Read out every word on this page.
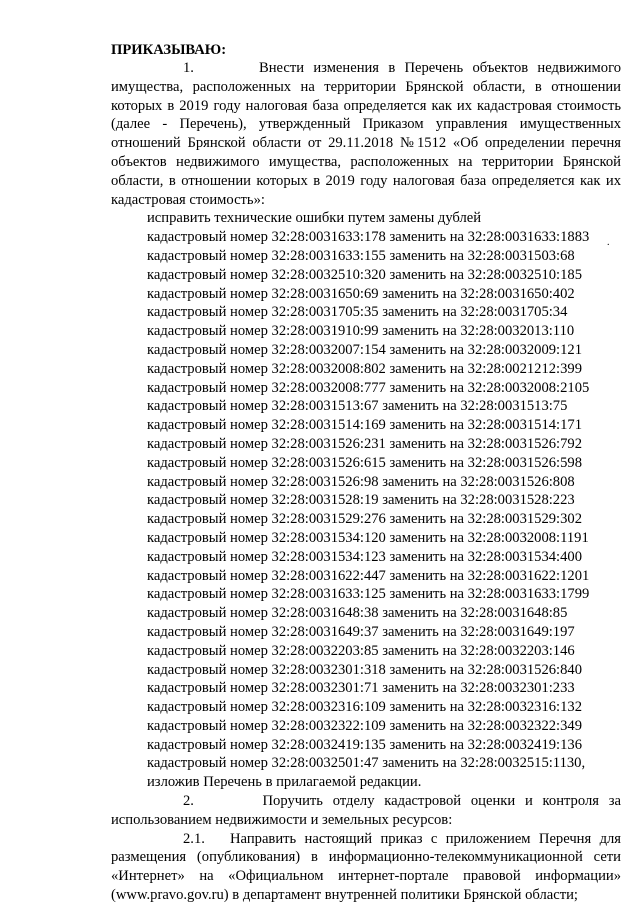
ПРИКАЗЫВАЮ:

1.	Внести изменения в Перечень объектов недвижимого имущества, расположенных на территории Брянской области, в отношении которых в 2019 году налоговая база определяется как их кадастровая стоимость (далее - Перечень), утвержденный Приказом управления имущественных отношений Брянской области от 29.11.2018 №1512 «Об определении перечня объектов недвижимого имущества, расположенных на территории Брянской области, в отношении которых в 2019 году налоговая база определяется как их кадастровая стоимость»:

исправить технические ошибки путем замены дублей

кадастровый номер 32:28:0031633:178 заменить на 32:28:0031633:1883
кадастровый номер 32:28:0031633:155 заменить на 32:28:0031503:68
кадастровый номер 32:28:0032510:320 заменить на 32:28:0032510:185
кадастровый номер 32:28:0031650:69 заменить на 32:28:0031650:402
кадастровый номер 32:28:0031705:35 заменить на 32:28:0031705:34
кадастровый номер 32:28:0031910:99 заменить на 32:28:0032013:110
кадастровый номер 32:28:0032007:154 заменить на 32:28:0032009:121
кадастровый номер 32:28:0032008:802 заменить на 32:28:0021212:399
кадастровый номер 32:28:0032008:777 заменить на 32:28:0032008:2105
кадастровый номер 32:28:0031513:67 заменить на 32:28:0031513:75
кадастровый номер 32:28:0031514:169 заменить на 32:28:0031514:171
кадастровый номер 32:28:0031526:231 заменить на 32:28:0031526:792
кадастровый номер 32:28:0031526:615 заменить на 32:28:0031526:598
кадастровый номер 32:28:0031526:98 заменить на 32:28:0031526:808
кадастровый номер 32:28:0031528:19 заменить на 32:28:0031528:223
кадастровый номер 32:28:0031529:276 заменить на 32:28:0031529:302
кадастровый номер 32:28:0031534:120 заменить на 32:28:0032008:1191
кадастровый номер 32:28:0031534:123 заменить на 32:28:0031534:400
кадастровый номер 32:28:0031622:447 заменить на 32:28:0031622:1201
кадастровый номер 32:28:0031633:125 заменить на 32:28:0031633:1799
кадастровый номер 32:28:0031648:38 заменить на 32:28:0031648:85
кадастровый номер 32:28:0031649:37 заменить на 32:28:0031649:197
кадастровый номер 32:28:0032203:85 заменить на 32:28:0032203:146
кадастровый номер 32:28:0032301:318 заменить на 32:28:0031526:840
кадастровый номер 32:28:0032301:71 заменить на 32:28:0032301:233
кадастровый номер 32:28:0032316:109 заменить на 32:28:0032316:132
кадастровый номер 32:28:0032322:109 заменить на 32:28:0032322:349
кадастровый номер 32:28:0032419:135 заменить на 32:28:0032419:136
кадастровый номер 32:28:0032501:47 заменить на 32:28:0032515:1130,

изложив Перечень в прилагаемой редакции.

2.	Поручить отделу кадастровой оценки и контроля за использованием недвижимости и земельных ресурсов:

2.1. Направить настоящий приказ с приложением Перечня для размещения (опубликования) в информационно-телекоммуникационной сети «Интернет» на «Официальном интернет-портале правовой информации» (www.pravo.gov.ru) в департамент внутренней политики Брянской области;

.
